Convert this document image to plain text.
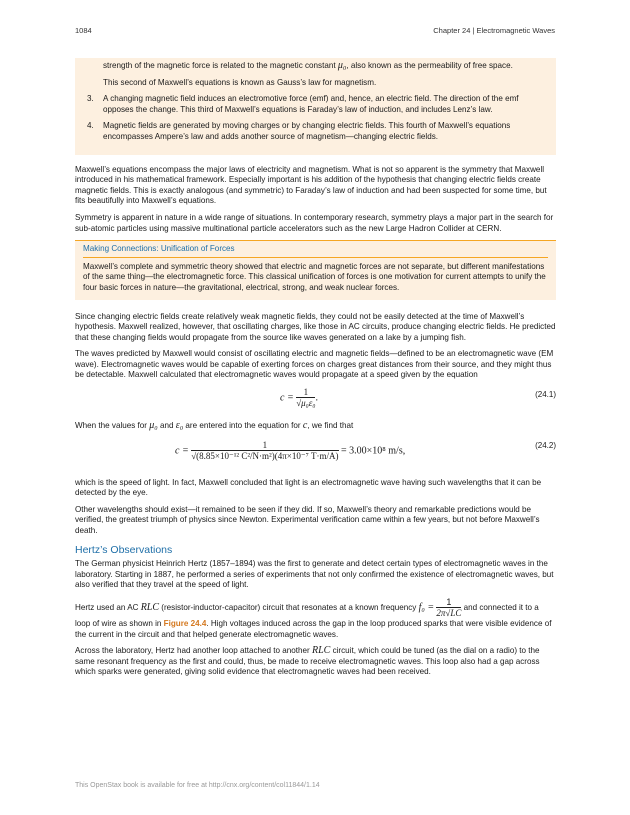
1084	Chapter 24 | Electromagnetic Waves

strength of the magnetic force is related to the magnetic constant μ₀, also known as the permeability of free space.

This second of Maxwell’s equations is known as Gauss’s law for magnetism.

3. A changing magnetic field induces an electromotive force (emf) and, hence, an electric field. The direction of the emf opposes the change. This third of Maxwell’s equations is Faraday’s law of induction, and includes Lenz’s law.
4. Magnetic fields are generated by moving charges or by changing electric fields. This fourth of Maxwell’s equations encompasses Ampere’s law and adds another source of magnetism—changing electric fields.

Maxwell’s equations encompass the major laws of electricity and magnetism. What is not so apparent is the symmetry that Maxwell introduced in his mathematical framework. Especially important is his addition of the hypothesis that changing electric fields create magnetic fields. This is exactly analogous (and symmetric) to Faraday’s law of induction and had been suspected for some time, but fits beautifully into Maxwell’s equations.

Symmetry is apparent in nature in a wide range of situations. In contemporary research, symmetry plays a major part in the search for sub-atomic particles using massive multinational particle accelerators such as the new Large Hadron Collider at CERN.

Making Connections: Unification of Forces

Maxwell’s complete and symmetric theory showed that electric and magnetic forces are not separate, but different manifestations of the same thing—the electromagnetic force. This classical unification of forces is one motivation for current attempts to unify the four basic forces in nature—the gravitational, electrical, strong, and weak nuclear forces.

Since changing electric fields create relatively weak magnetic fields, they could not be easily detected at the time of Maxwell’s hypothesis. Maxwell realized, however, that oscillating charges, like those in AC circuits, produce changing electric fields. He predicted that these changing fields would propagate from the source like waves generated on a lake by a jumping fish.

The waves predicted by Maxwell would consist of oscillating electric and magnetic fields—defined to be an electromagnetic wave (EM wave). Electromagnetic waves would be capable of exerting forces on charges great distances from their source, and they might thus be detectable. Maxwell calculated that electromagnetic waves would propagate at a speed given by the equation

$c = \frac{1}{\text{√μ₀ε₀}}$ .	(24.1)

When the values for μ₀ and ε₀ are entered into the equation for c, we find that

$c = \frac{1}{\text{√(8.85×10⁻¹² C²/N·m²)(4π×10⁻⁷ T·m/A)}} = 3.00\times 10^8$ m/s,	(24.2)

which is the speed of light. In fact, Maxwell concluded that light is an electromagnetic wave having such wavelengths that it can be detected by the eye.

Other wavelengths should exist—it remained to be seen if they did. If so, Maxwell’s theory and remarkable predictions would be verified, the greatest triumph of physics since Newton. Experimental verification came within a few years, but not before Maxwell’s death.

Hertz’s Observations

The German physicist Heinrich Hertz (1857–1894) was the first to generate and detect certain types of electromagnetic waves in the laboratory. Starting in 1887, he performed a series of experiments that not only confirmed the existence of electromagnetic waves, but also verified that they travel at the speed of light.

Hertz used an AC RLC (resistor-inductor-capacitor) circuit that resonates at a known frequency $f_0 = \frac{1}{2\pi√LC}$ and connected it to a loop of wire as shown in Figure 24.4. High voltages induced across the gap in the loop produced sparks that were visible evidence of the current in the circuit and that helped generate electromagnetic waves.

Across the laboratory, Hertz had another loop attached to another RLC circuit, which could be tuned (as the dial on a radio) to the same resonant frequency as the first and could, thus, be made to receive electromagnetic waves. This loop also had a gap across which sparks were generated, giving solid evidence that electromagnetic waves had been received.

This OpenStax book is available for free at http://cnx.org/content/col11844/1.14
